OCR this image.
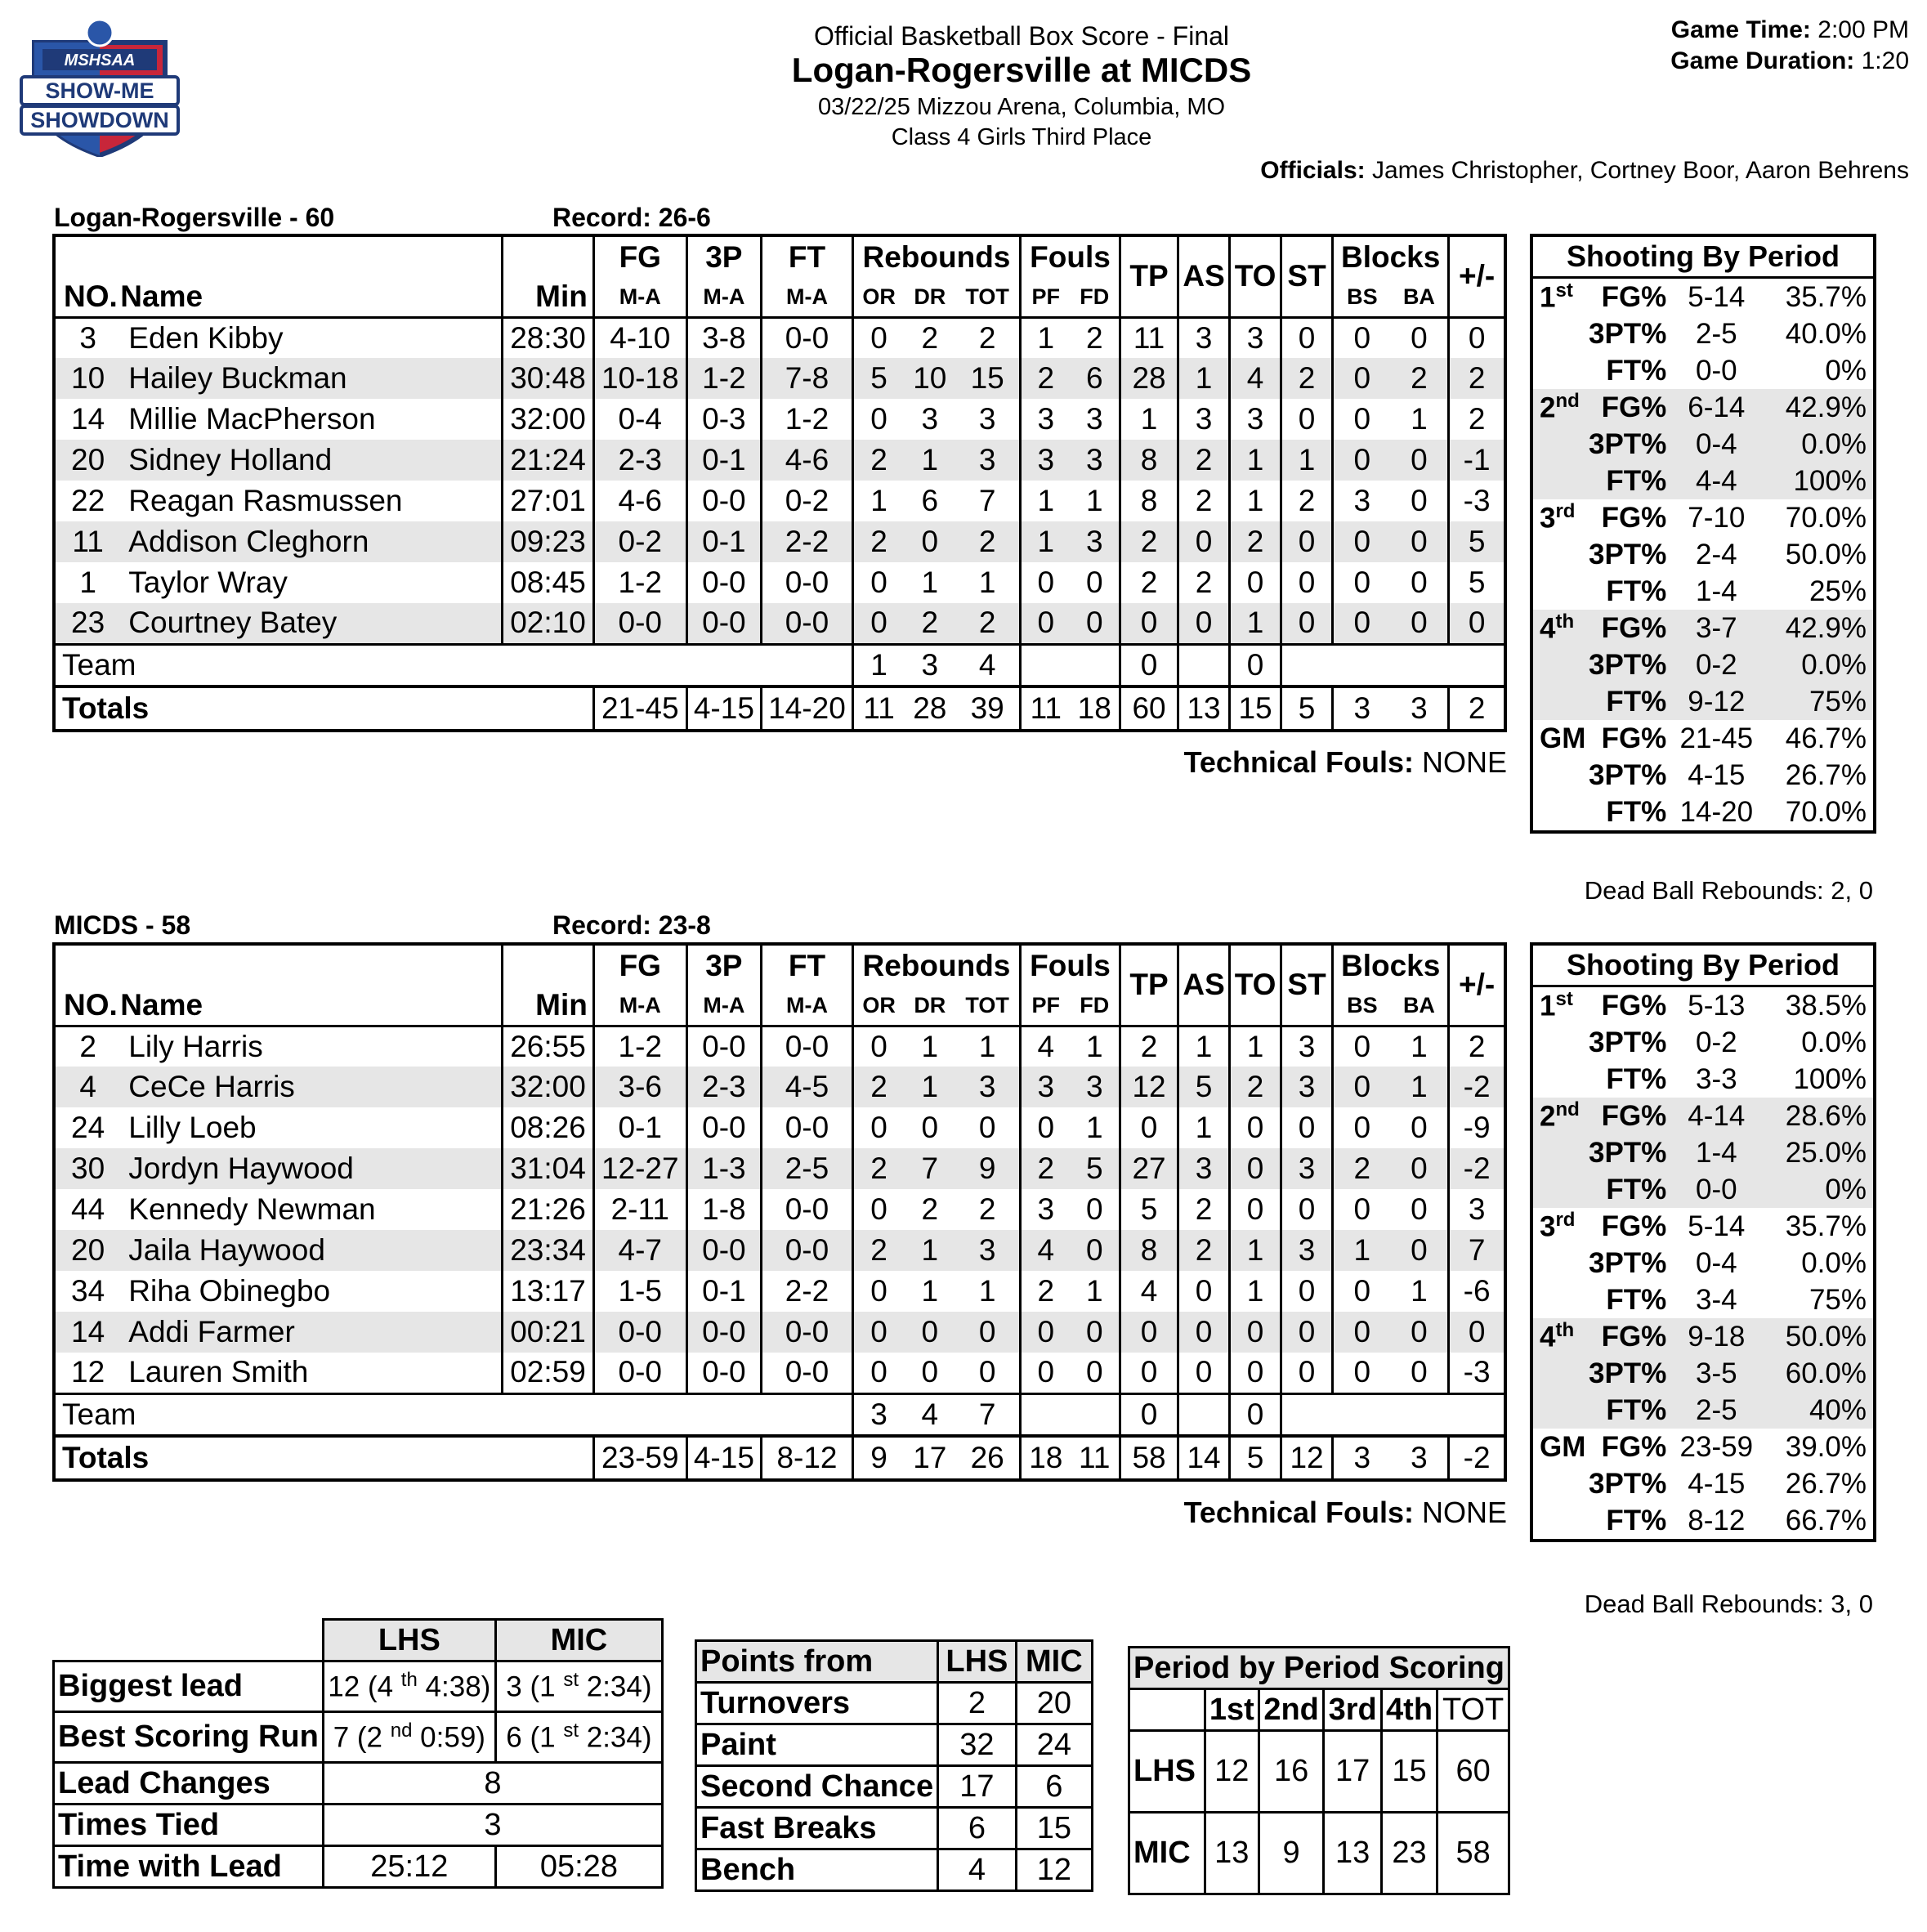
MSHSAA
SHOW-ME
SHOWDOWN
Official Basketball Box Score - Final
Logan-Rogersville at MICDS
03/22/25 Mizzou Arena, Columbia, MO
Class 4 Girls Third Place
Game Time: 2:00 PM
Game Duration: 1:20
Officials: James Christopher, Cortney Boor, Aaron Behrens
Logan-Rogersville - 60	Record: 26-6
			FG	3P	FT	Rebounds			Fouls		TP	AS	TO	ST	Blocks		+/-
NO.	Name	Min	M-A	M-A	M-A	OR	DR	TOT	PF	FD					BS	BA	
3	Eden Kibby	28:30	4-10	3-8	0-0	0	2	2	1	2	11	3	3	0	0	0	0
10	Hailey Buckman	30:48	10-18	1-2	7-8	5	10	15	2	6	28	1	4	2	0	2	2
14	Millie MacPherson	32:00	0-4	0-3	1-2	0	3	3	3	3	1	3	3	0	0	1	2
20	Sidney Holland	21:24	2-3	0-1	4-6	2	1	3	3	3	8	2	1	1	0	0	-1
22	Reagan Rasmussen	27:01	4-6	0-0	0-2	1	6	7	1	1	8	2	1	2	3	0	-3
11	Addison Cleghorn	09:23	0-2	0-1	2-2	2	0	2	1	3	2	0	2	0	0	0	5
1	Taylor Wray	08:45	1-2	0-0	0-0	0	1	1	0	0	2	2	0	0	0	0	5
23	Courtney Batey	02:10	0-0	0-0	0-0	0	2	2	0	0	0	0	1	0	0	0	0
Team						1	3	4			0		0				
Totals			21-45	4-15	14-20	11	28	39	11	18	60	13	15	5	3	3	2
Technical Fouls: NONE
Shooting By Period
1st	FG%	5-14	35.7%
	3PT%	2-5	40.0%
	FT%	0-0	0%
2nd	FG%	6-14	42.9%
	3PT%	0-4	0.0%
	FT%	4-4	100%
3rd	FG%	7-10	70.0%
	3PT%	2-4	50.0%
	FT%	1-4	25%
4th	FG%	3-7	42.9%
	3PT%	0-2	0.0%
	FT%	9-12	75%
GM	FG%	21-45	46.7%
	3PT%	4-15	26.7%
	FT%	14-20	70.0%
Dead Ball Rebounds: 2, 0
MICDS - 58	Record: 23-8
			FG	3P	FT	Rebounds			Fouls		TP	AS	TO	ST	Blocks		+/-
NO.	Name	Min	M-A	M-A	M-A	OR	DR	TOT	PF	FD					BS	BA	
2	Lily Harris	26:55	1-2	0-0	0-0	0	1	1	4	1	2	1	1	3	0	1	2
4	CeCe Harris	32:00	3-6	2-3	4-5	2	1	3	3	3	12	5	2	3	0	1	-2
24	Lilly Loeb	08:26	0-1	0-0	0-0	0	0	0	0	1	0	1	0	0	0	0	-9
30	Jordyn Haywood	31:04	12-27	1-3	2-5	2	7	9	2	5	27	3	0	3	2	0	-2
44	Kennedy Newman	21:26	2-11	1-8	0-0	0	2	2	3	0	5	2	0	0	0	0	3
20	Jaila Haywood	23:34	4-7	0-0	0-0	2	1	3	4	0	8	2	1	3	1	0	7
34	Riha Obinegbo	13:17	1-5	0-1	2-2	0	1	1	2	1	4	0	1	0	0	1	-6
14	Addi Farmer	00:21	0-0	0-0	0-0	0	0	0	0	0	0	0	0	0	0	0	0
12	Lauren Smith	02:59	0-0	0-0	0-0	0	0	0	0	0	0	0	0	0	0	0	-3
Team						3	4	7			0		0				
Totals			23-59	4-15	8-12	9	17	26	18	11	58	14	5	12	3	3	-2
Technical Fouls: NONE
Shooting By Period
1st	FG%	5-13	38.5%
	3PT%	0-2	0.0%
	FT%	3-3	100%
2nd	FG%	4-14	28.6%
	3PT%	1-4	25.0%
	FT%	0-0	0%
3rd	FG%	5-14	35.7%
	3PT%	0-4	0.0%
	FT%	3-4	75%
4th	FG%	9-18	50.0%
	3PT%	3-5	60.0%
	FT%	2-5	40%
GM	FG%	23-59	39.0%
	3PT%	4-15	26.7%
	FT%	8-12	66.7%
Dead Ball Rebounds: 3, 0
	LHS	MIC
Biggest lead	12 (4 $^{th}$ 4:38)	3 (1 $^{st}$ 2:34)
Best Scoring Run	7 (2 $^{nd}$ 0:59)	6 (1 $^{st}$ 2:34)
Lead Changes	8	
Times Tied	3	
Time with Lead	25:12	05:28
Points from	LHS	MIC
Turnovers	2	20
Paint	32	24
Second Chance	17	6
Fast Breaks	6	15
Bench	4	12
Period by Period Scoring					
	1st	2nd	3rd	4th	TOT
LHS	12	16	17	15	60
MIC	13	9	13	23	58
